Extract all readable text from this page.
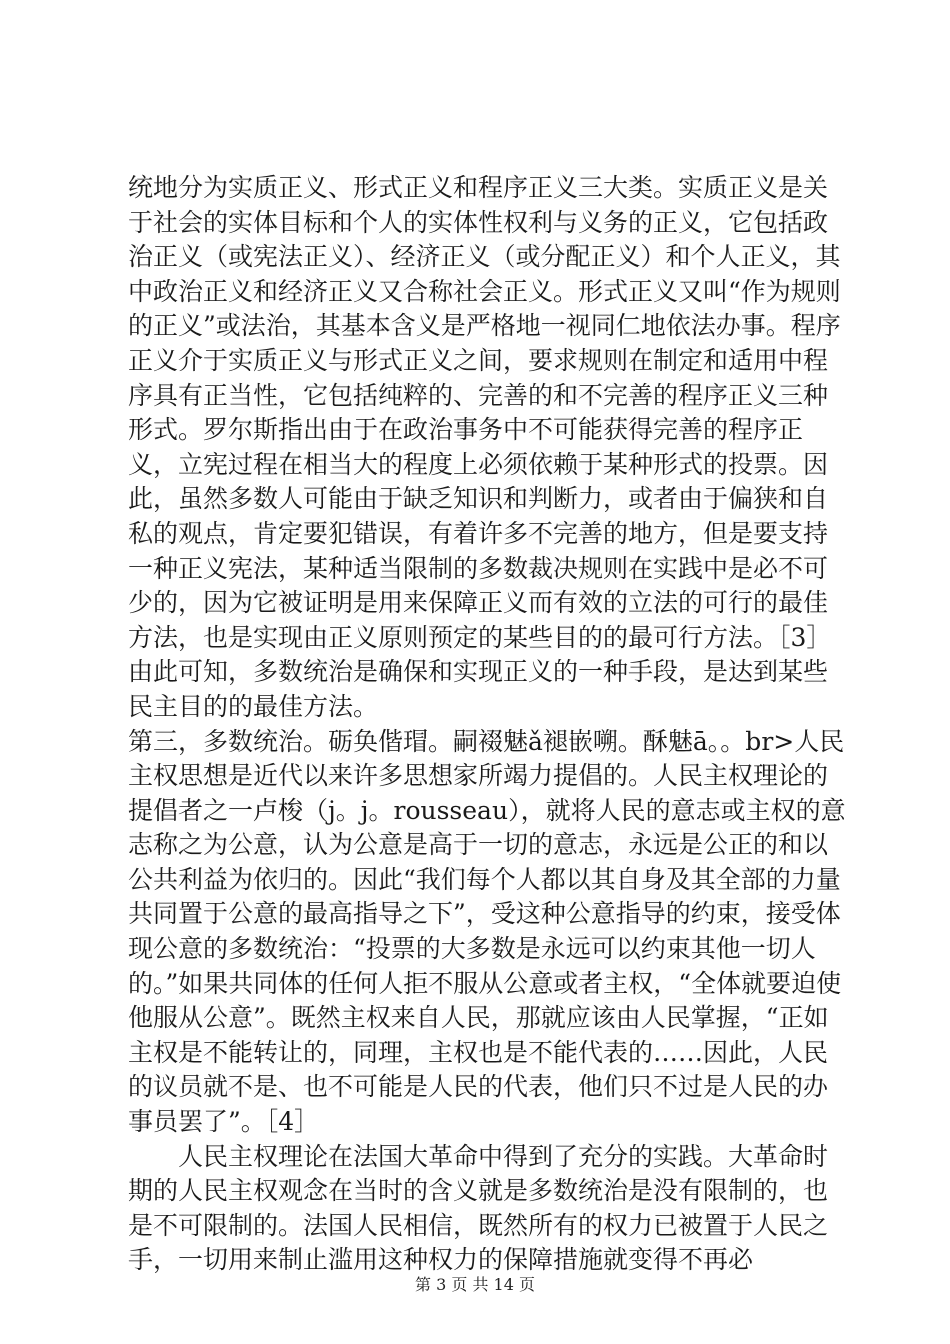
统地分为实质正义、形式正义和程序正义三大类。实质正义是关于社会的实体目标和个人的实体性权利与义务的正义，它包括政治正义（或宪法正义）、经济正义（或分配正义）和个人正义，其中政治正义和经济正义又合称社会正义。形式正义又叫“作为规则的正义”或法治，其基本含义是严格地一视同仁地依法办事。程序正义介于实质正义与形式正义之间，要求规则在制定和适用中程序具有正当性，它包括纯粹的、完善的和不完善的程序正义三种形式。罗尔斯指出由于在政治事务中不可能获得完善的程序正义，立宪过程在相当大的程度上必须依赖于某种形式的投票。因此，虽然多数人可能由于缺乏知识和判断力，或者由于偏狭和自私的观点，肯定要犯错误，有着许多不完善的地方，但是要支持一种正义宪法，某种适当限制的多数裁决规则在实践中是必不可少的，因为它被证明是用来保障正义而有效的立法的可行的最佳方法，也是实现由正义原则预定的某些目的的最可行方法。［3］由此可知，多数统治是确保和实现正义的一种手段，是达到某些民主目的的最佳方法。

第三，多数统治。砺奂偕瑁。嗣裰魅ǎ褪嵌嗍。酥魅ā。。br>人民主权思想是近代以来许多思想家所竭力提倡的。人民主权理论的提倡者之一卢梭（j。j。rousseau），就将人民的意志或主权的意志称之为公意，认为公意是高于一切的意志，永远是公正的和以公共利益为依归的。因此“我们每个人都以其自身及其全部的力量共同置于公意的最高指导之下”，受这种公意指导的约束，接受体现公意的多数统治：“投票的大多数是永远可以约束其他一切人的。”如果共同体的任何人拒不服从公意或者主权，“全体就要迫使他服从公意”。既然主权来自人民，那就应该由人民掌握，“正如主权是不能转让的，同理，主权也是不能代表的……因此，人民的议员就不是、也不可能是人民的代表，他们只不过是人民的办事员罢了”。［4］

人民主权理论在法国大革命中得到了充分的实践。大革命时期的人民主权观念在当时的含义就是多数统治是没有限制的，也是不可限制的。法国人民相信，既然所有的权力已被置于人民之手，一切用来制止滥用这种权力的保障措施就变得不再必

第 3 页 共 14 页
